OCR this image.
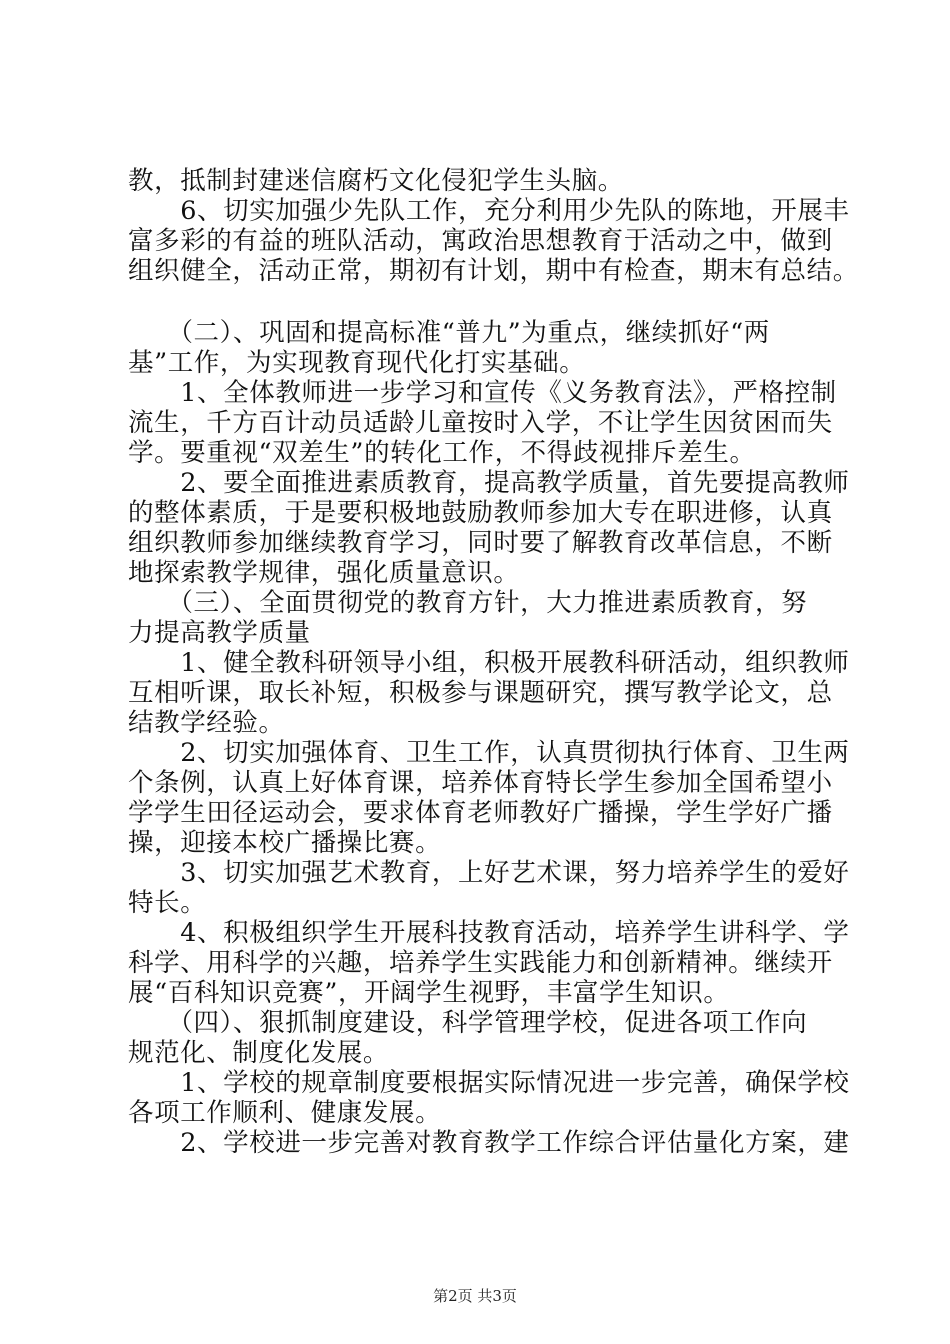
教，抵制封建迷信腐朽文化侵犯学生头脑。
　　6、切实加强少先队工作，充分利用少先队的陈地，开展丰
富多彩的有益的班队活动，寓政治思想教育于活动之中，做到
组织健全，活动正常，期初有计划，期中有检查，期末有总结。
　　（二）、巩固和提高标准“普九”为重点，继续抓好“两
基”工作，为实现教育现代化打实基础。
　　1、全体教师进一步学习和宣传《义务教育法》，严格控制
流生，千方百计动员适龄儿童按时入学，不让学生因贫困而失
学。要重视“双差生”的转化工作，不得歧视排斥差生。
　　2、要全面推进素质教育，提高教学质量，首先要提高教师
的整体素质，于是要积极地鼓励教师参加大专在职进修，认真
组织教师参加继续教育学习，同时要了解教育改革信息，不断
地探索教学规律，强化质量意识。
　　（三）、全面贯彻党的教育方针，大力推进素质教育，努
力提高教学质量
　　1、健全教科研领导小组，积极开展教科研活动，组织教师
互相听课，取长补短，积极参与课题研究，撰写教学论文，总
结教学经验。
　　2、切实加强体育、卫生工作，认真贯彻执行体育、卫生两
个条例，认真上好体育课，培养体育特长学生参加全国希望小
学学生田径运动会，要求体育老师教好广播操，学生学好广播
操，迎接本校广播操比赛。
　　3、切实加强艺术教育，上好艺术课，努力培养学生的爱好
特长。
　　4、积极组织学生开展科技教育活动，培养学生讲科学、学
科学、用科学的兴趣，培养学生实践能力和创新精神。继续开
展“百科知识竞赛”，开阔学生视野，丰富学生知识。
　　（四）、狠抓制度建设，科学管理学校，促进各项工作向
规范化、制度化发展。
　　1、学校的规章制度要根据实际情况进一步完善，确保学校
各项工作顺利、健康发展。
　　2、学校进一步完善对教育教学工作综合评估量化方案，建
第2页 共3页
